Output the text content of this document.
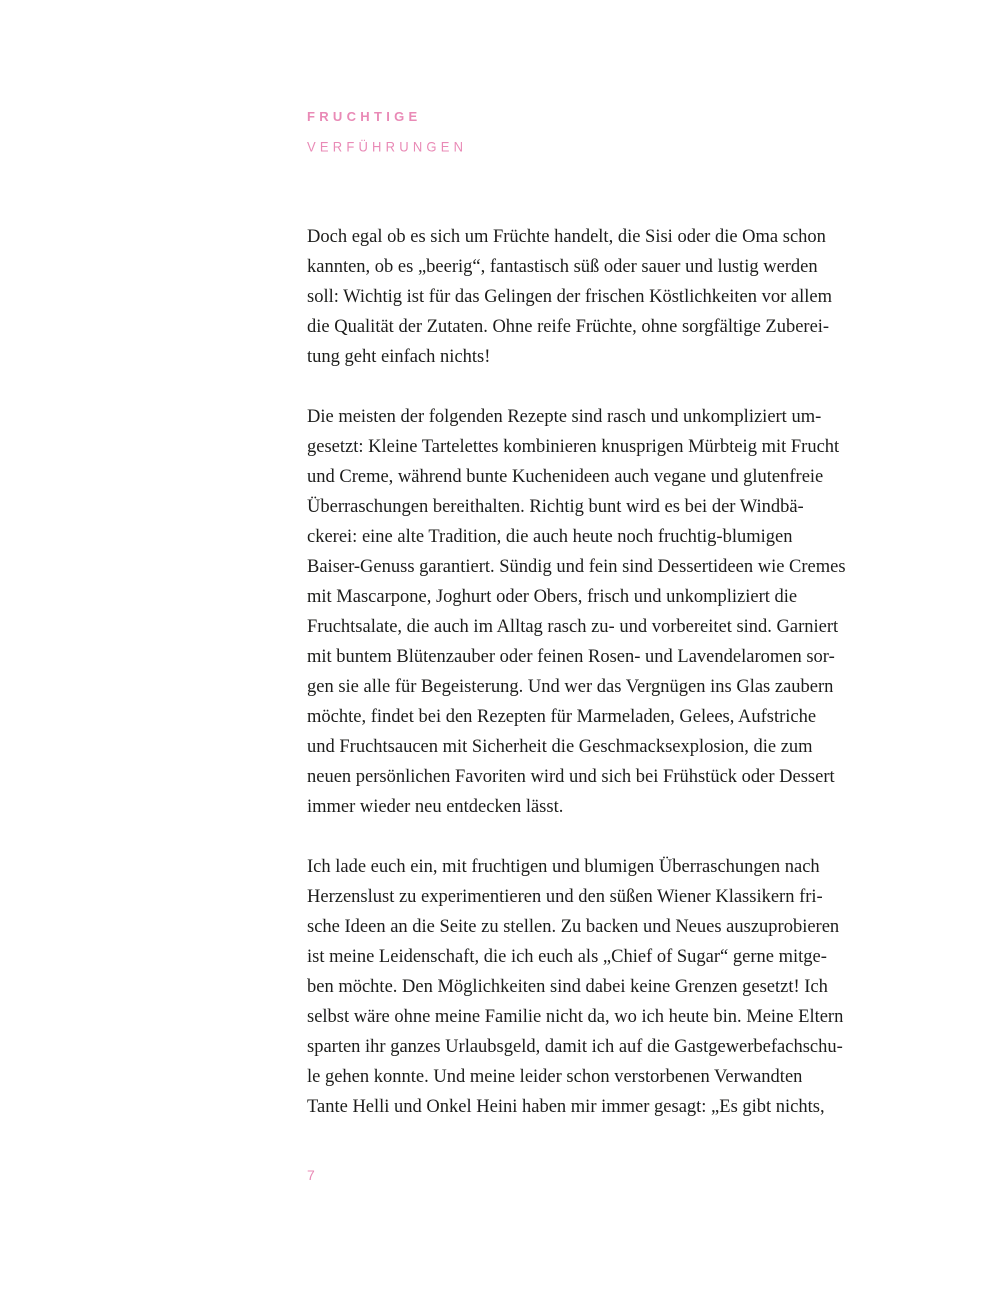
FRUCHTIGE
VERFÜHRUNGEN
Doch egal ob es sich um Früchte handelt, die Sisi oder die Oma schon
kannten, ob es „beerig“, fantastisch süß oder sauer und lustig werden
soll: Wichtig ist für das Gelingen der frischen Köstlichkeiten vor allem
die Qualität der Zutaten. Ohne reife Früchte, ohne sorgfältige Zuberei-
tung geht einfach nichts!
Die meisten der folgenden Rezepte sind rasch und unkompliziert um-
gesetzt: Kleine Tartelettes kombinieren knusprigen Mürbteig mit Frucht
und Creme, während bunte Kuchenideen auch vegane und glutenfreie
Überraschungen bereithalten. Richtig bunt wird es bei der Windbä-
ckerei: eine alte Tradition, die auch heute noch fruchtig-blumigen
Baiser-Genuss garantiert. Sündig und fein sind Dessertideen wie Cremes
mit Mascarpone, Joghurt oder Obers, frisch und unkompliziert die
Fruchtsalate, die auch im Alltag rasch zu- und vorbereitet sind. Garniert
mit buntem Blütenzauber oder feinen Rosen- und Lavendelaromen sor-
gen sie alle für Begeisterung. Und wer das Vergnügen ins Glas zaubern
möchte, findet bei den Rezepten für Marmeladen, Gelees, Aufstriche
und Fruchtsaucen mit Sicherheit die Geschmacksexplosion, die zum
neuen persönlichen Favoriten wird und sich bei Frühstück oder Dessert
immer wieder neu entdecken lässt.
Ich lade euch ein, mit fruchtigen und blumigen Überraschungen nach
Herzenslust zu experimentieren und den süßen Wiener Klassikern fri-
sche Ideen an die Seite zu stellen. Zu backen und Neues auszuprobieren
ist meine Leidenschaft, die ich euch als „Chief of Sugar“ gerne mitge-
ben möchte. Den Möglichkeiten sind dabei keine Grenzen gesetzt! Ich
selbst wäre ohne meine Familie nicht da, wo ich heute bin. Meine Eltern
sparten ihr ganzes Urlaubsgeld, damit ich auf die Gastgewerbefachschu-
le gehen konnte. Und meine leider schon verstorbenen Verwandten
Tante Helli und Onkel Heini haben mir immer gesagt: „Es gibt nichts,
7
